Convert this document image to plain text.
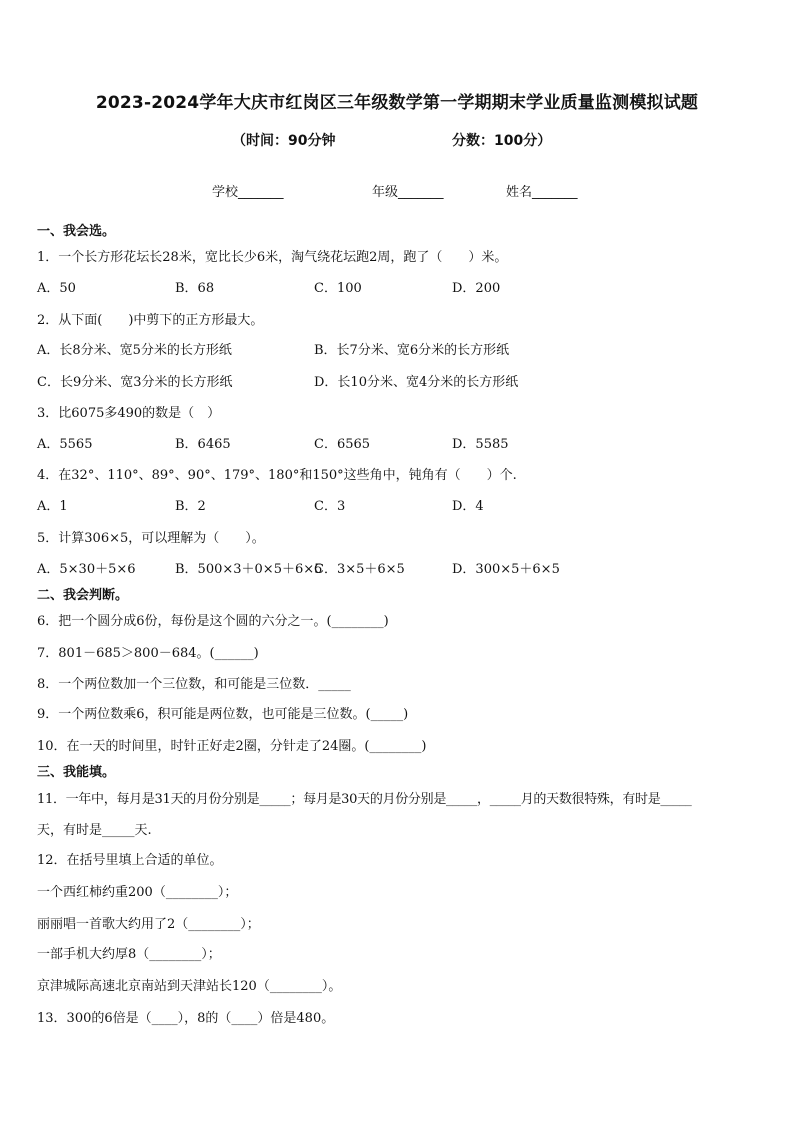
2023-2024学年大庆市红岗区三年级数学第一学期期末学业质量监测模拟试题
（时间：90分钟	分数：100分）
学校_______	年级_______	姓名_______
一、我会选。
1．一个长方形花坛长28米，宽比长少6米，淘气绕花坛跑2周，跑了（　　）米。
A．50	B．68	C．100	D．200
2．从下面(　　)中剪下的正方形最大。
A．长8分米、宽5分米的长方形纸	B．长7分米、宽6分米的长方形纸
C．长9分米、宽3分米的长方形纸	D．长10分米、宽4分米的长方形纸
3．比6075多490的数是（　）
A．5565	B．6465	C．6565	D．5585
4．在32°、110°、89°、90°、179°、180°和150°这些角中，钝角有（　　）个.
A．1	B．2	C．3	D．4
5．计算306×5，可以理解为（　　）。
A．5×30＋5×6	B．500×3＋0×5＋6×5
C．3×5＋6×5	D．300×5＋6×5
二、我会判断。
6．把一个圆分成6份，每份是这个圆的六分之一。(________)
7．801－685＞800－684。(______)
8．一个两位数加一个三位数，和可能是三位数．_____
9．一个两位数乘6，积可能是两位数，也可能是三位数。(_____)
10．在一天的时间里，时针正好走2圈，分针走了24圈。(________)
三、我能填。
11．一年中，每月是31天的月份分别是_____；每月是30天的月份分别是_____，_____月的天数很特殊，有时是_____
天，有时是_____天.
12．在括号里填上合适的单位。
一个西红柿约重200（________）；
丽丽唱一首歌大约用了2（________）；
一部手机大约厚8（________）；
京津城际高速北京南站到天津站长120（________）。
13．300的6倍是（____），8的（____）倍是480。
